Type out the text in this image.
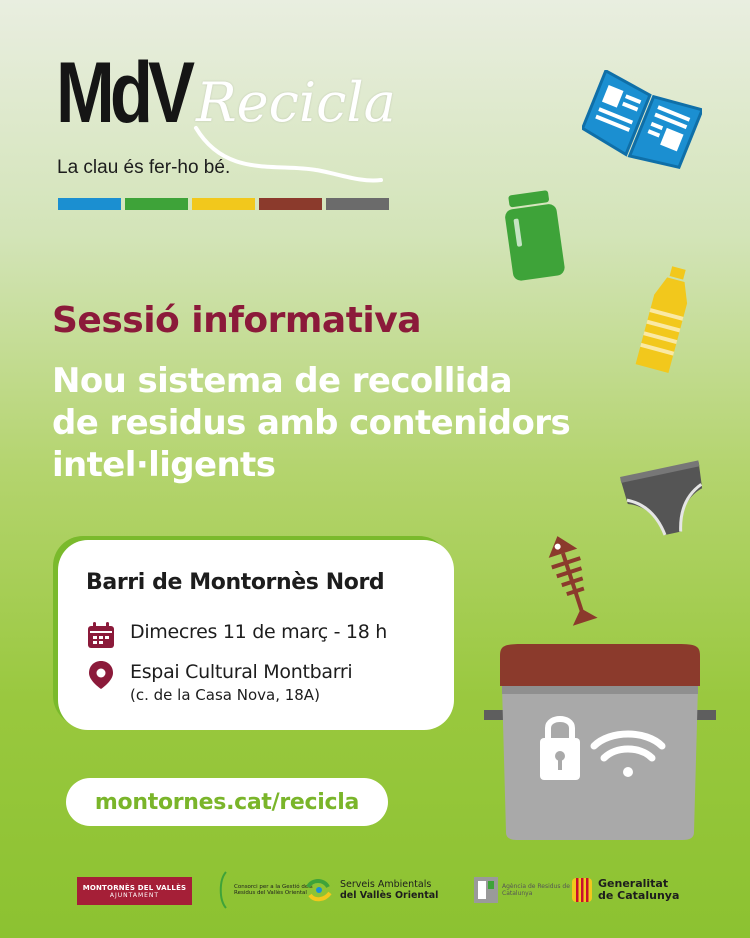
MdV Recicla
La clau és fer-ho bé.
Sessió informativa
Nou sistema de recollida
de residus amb contenidors
intel·ligents
Barri de Montornès Nord
Dimecres 11 de març - 18 h
Espai Cultural Montbarri
(c. de la Casa Nova, 18A)
montornes.cat/recicla
MONTORNÈS DEL VALLÈS
AJUNTAMENT
Consorci per a la Gestió dels Residus del Vallès Oriental
Serveis Ambientals
del Vallès Oriental
Agència de Residus de Catalunya
Generalitat
de Catalunya
